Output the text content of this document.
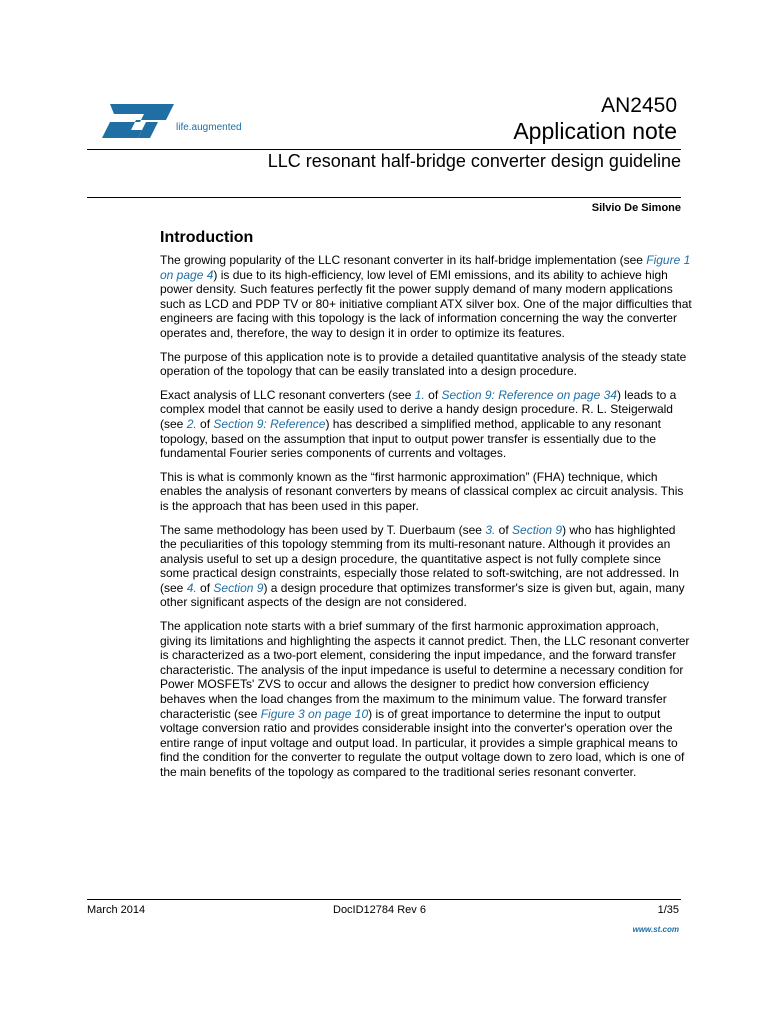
life.augmented
AN2450
Application note
LLC resonant half-bridge converter design guideline
Silvio De Simone
Introduction

The growing popularity of the LLC resonant converter in its half-bridge implementation (see Figure 1 on page 4) is due to its high-efficiency, low level of EMI emissions, and its ability to achieve high power density. Such features perfectly fit the power supply demand of many modern applications such as LCD and PDP TV or 80+ initiative compliant ATX silver box. One of the major difficulties that engineers are facing with this topology is the lack of information concerning the way the converter operates and, therefore, the way to design it in order to optimize its features.

The purpose of this application note is to provide a detailed quantitative analysis of the steady state operation of the topology that can be easily translated into a design procedure.

Exact analysis of LLC resonant converters (see 1. of Section 9: Reference on page 34) leads to a complex model that cannot be easily used to derive a handy design procedure. R. L. Steigerwald (see 2. of Section 9: Reference) has described a simplified method, applicable to any resonant topology, based on the assumption that input to output power transfer is essentially due to the fundamental Fourier series components of currents and voltages.

This is what is commonly known as the “first harmonic approximation” (FHA) technique, which enables the analysis of resonant converters by means of classical complex ac circuit analysis. This is the approach that has been used in this paper.

The same methodology has been used by T. Duerbaum (see 3. of Section 9) who has highlighted the peculiarities of this topology stemming from its multi-resonant nature. Although it provides an analysis useful to set up a design procedure, the quantitative aspect is not fully complete since some practical design constraints, especially those related to soft-switching, are not addressed. In (see 4. of Section 9) a design procedure that optimizes transformer's size is given but, again, many other significant aspects of the design are not considered.

The application note starts with a brief summary of the first harmonic approximation approach, giving its limitations and highlighting the aspects it cannot predict. Then, the LLC resonant converter is characterized as a two-port element, considering the input impedance, and the forward transfer characteristic. The analysis of the input impedance is useful to determine a necessary condition for Power MOSFETs' ZVS to occur and allows the designer to predict how conversion efficiency behaves when the load changes from the maximum to the minimum value. The forward transfer characteristic (see Figure 3 on page 10) is of great importance to determine the input to output voltage conversion ratio and provides considerable insight into the converter's operation over the entire range of input voltage and output load. In particular, it provides a simple graphical means to find the condition for the converter to regulate the output voltage down to zero load, which is one of the main benefits of the topology as compared to the traditional series resonant converter.

March 2014	DocID12784 Rev 6	1/35
www.st.com
